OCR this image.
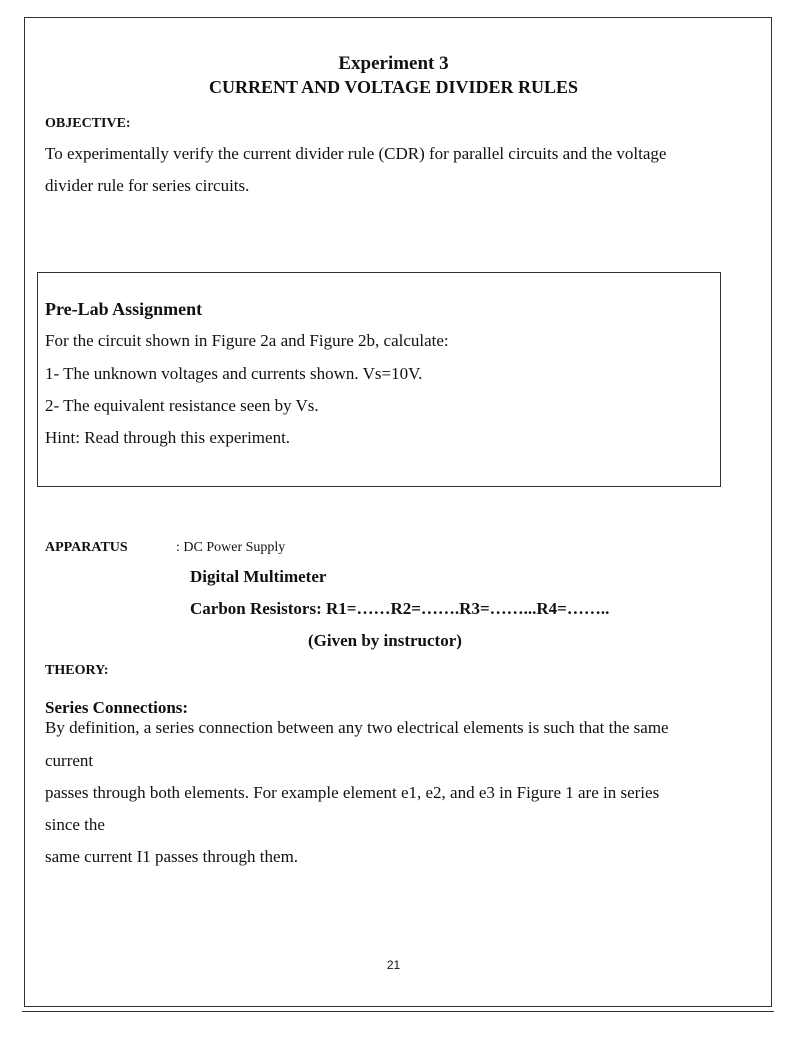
Experiment 3
CURRENT AND VOLTAGE DIVIDER RULES
OBJECTIVE:
To experimentally verify the current divider rule (CDR) for parallel circuits and the voltage
divider rule for series circuits.
Pre-Lab Assignment
For the circuit shown in Figure 2a and Figure 2b, calculate:
1- The unknown voltages and currents shown. Vs=10V.
2- The equivalent resistance seen by Vs.
Hint: Read through this experiment.
APPARATUS	: DC Power Supply
Digital Multimeter
Carbon Resistors: R1=……R2=…….R3=……...R4=……..
(Given by instructor)
THEORY:
Series Connections:
By definition, a series connection between any two electrical elements is such that the same
current
passes through both elements. For example element e1, e2, and e3 in Figure 1 are in series
since the
same current I1 passes through them.
21
